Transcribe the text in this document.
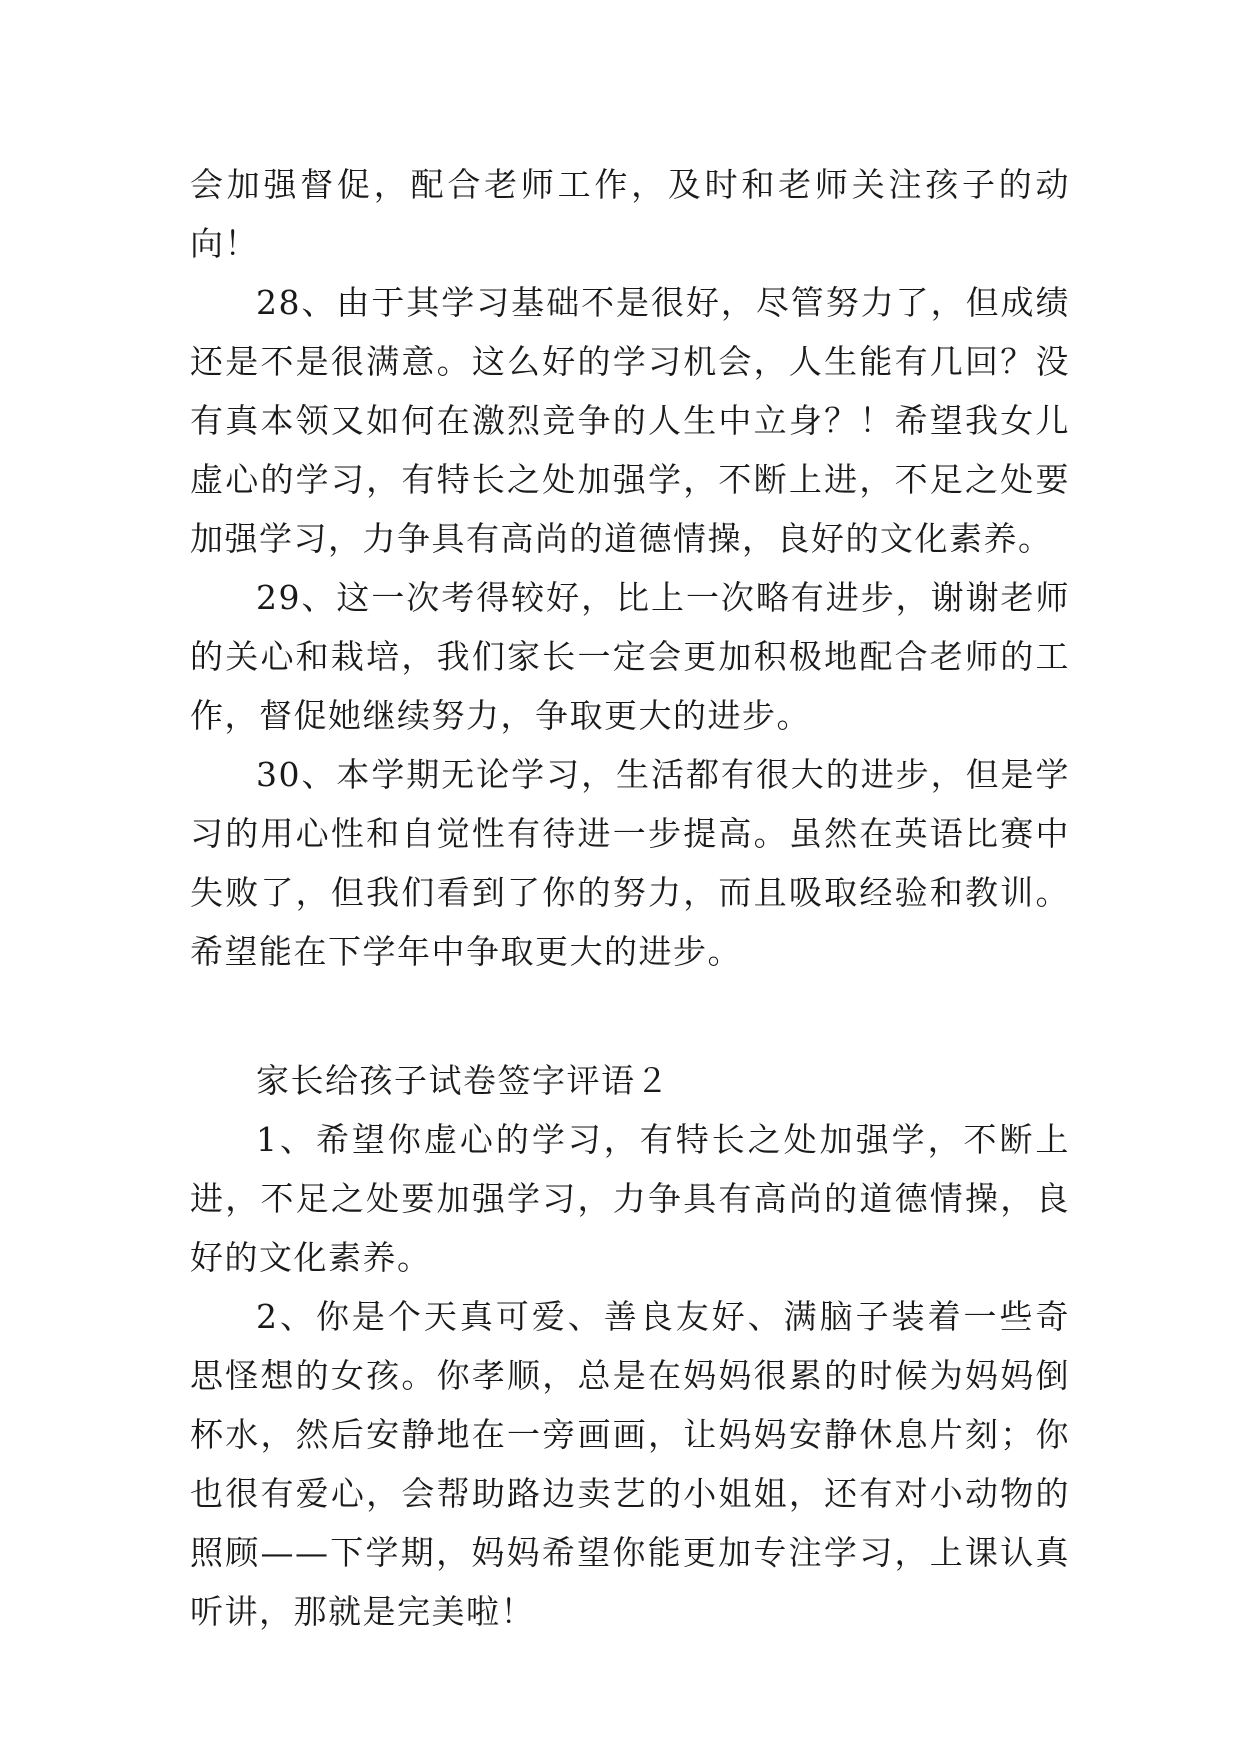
会加强督促，配合老师工作，及时和老师关注孩子的动向！

28、由于其学习基础不是很好，尽管努力了，但成绩还是不是很满意。这么好的学习机会，人生能有几回？没有真本领又如何在激烈竞争的人生中立身？！希望我女儿虚心的学习，有特长之处加强学，不断上进，不足之处要加强学习，力争具有高尚的道德情操，良好的文化素养。

29、这一次考得较好，比上一次略有进步，谢谢老师的关心和栽培，我们家长一定会更加积极地配合老师的工作，督促她继续努力，争取更大的进步。

30、本学期无论学习，生活都有很大的进步，但是学习的用心性和自觉性有待进一步提高。虽然在英语比赛中失败了，但我们看到了你的努力，而且吸取经验和教训。希望能在下学年中争取更大的进步。

家长给孩子试卷签字评语２

1、希望你虚心的学习，有特长之处加强学，不断上进，不足之处要加强学习，力争具有高尚的道德情操，良好的文化素养。

2、你是个天真可爱、善良友好、满脑子装着一些奇思怪想的女孩。你孝顺，总是在妈妈很累的时候为妈妈倒杯水，然后安静地在一旁画画，让妈妈安静休息片刻；你也很有爱心，会帮助路边卖艺的小姐姐，还有对小动物的照顾——下学期，妈妈希望你能更加专注学习，上课认真听讲，那就是完美啦！
